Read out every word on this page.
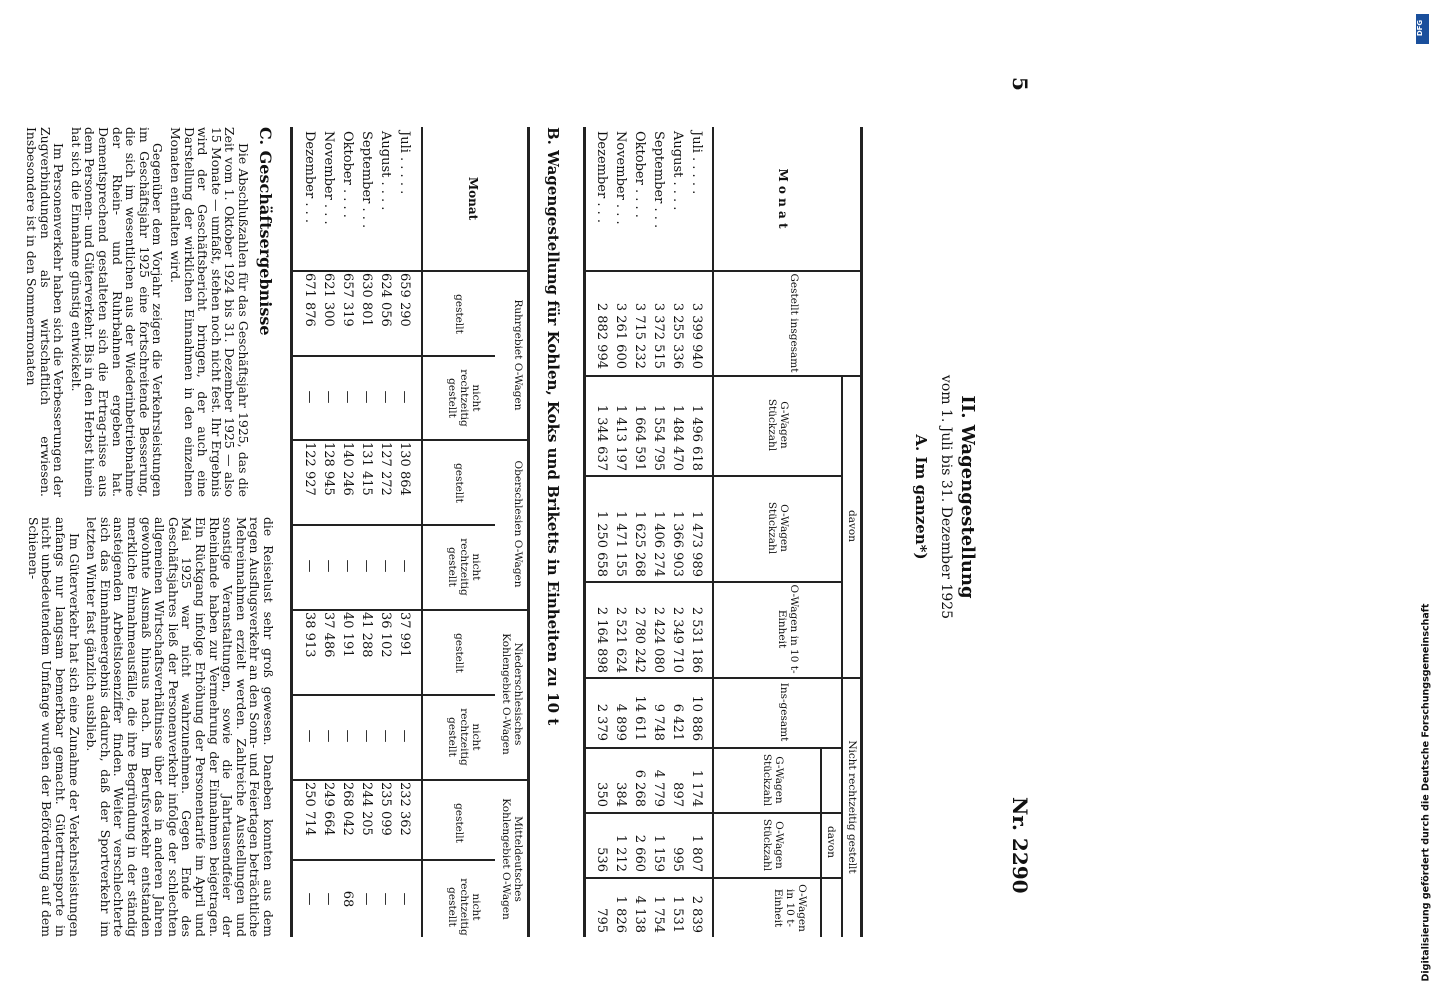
5
Nr. 2290
II. Wagengestellung
vom 1. Juli bis 31. Dezember 1925
A. Im ganzen*)
M o n a t
Gestellt insgesamt
davon
G-Wagen Stückzahl
O-Wagen Stückzahl
O-Wagen in 10 t-Einheit
Nicht rechtzeitig gestellt
Ins-gesamt
davon
G-Wagen Stückzahl
O-Wagen Stückzahl
O-Wagen in 10 t-Einheit
Juli . . . . .
3 399 940
1 496 618
1 473 989
2 531 186
10 886
1 174
1 807
2 839
August . . . .
3 255 336
1 484 470
1 366 903
2 349 710
6 421
897
995
1 531
September . . .
3 372 515
1 554 795
1 406 274
2 424 080
9 748
4 779
1 159
1 754
Oktober . . . .
3 715 232
1 664 591
1 625 268
2 780 242
14 611
6 268
2 660
4 138
November . . .
3 261 600
1 413 197
1 471 155
2 521 624
4 899
384
1 212
1 826
Dezember . . .
2 882 994
1 344 637
1 250 658
2 164 898
2 379
350
536
795
B. Wagengestellung für Kohlen, Koks und Briketts in Einheiten zu 10 t
Monat
Ruhrgebiet O-Wagen
Oberschlesien O-Wagen
Niederschlesisches Kohlengebiet O-Wagen
Mitteldeutsches Kohlengebiet O-Wagen
gestellt
nicht rechtzeitig gestellt
gestellt
nicht rechtzeitig gestellt
gestellt
nicht rechtzeitig gestellt
gestellt
nicht rechtzeitig gestellt
Juli . . . . .
659 290
—
130 864
—
37 991
—
232 362
—
August . . . .
624 056
—
127 272
—
36 102
—
235 099
—
September . . .
630 801
—
131 415
—
41 288
—
244 205
—
Oktober . . . .
657 319
—
140 246
—
40 191
—
268 042
68
November . . .
621 300
—
128 945
—
37 486
—
249 664
—
Dezember . . .
671 876
—
122 927
—
38 913
—
250 714
—
C. Geschäftsergebnisse

Die Abschlußzahlen für das Geschäftsjahr 1925, das die Zeit vom 1. Oktober 1924 bis 31. Dezember 1925 — also 15 Monate — umfaßt, stehen noch nicht fest. Ihr Ergebnis wird der Geschäftsbericht bringen, der auch eine Darstellung der wirklichen Einnahmen in den einzelnen Monaten enthalten wird.

Gegenüber dem Vorjahr zeigen die Verkehrsleistungen im Geschäftsjahr 1925 eine fortschreitende Besserung, die sich im wesentlichen aus der Wiederinbetriebnahme der Rhein- und Ruhrbahnen ergeben hat. Dementsprechend gestalteten sich die Ertrag-nisse aus dem Personen- und Güterverkehr. Bis in den Herbst hinein hat sich die Einnahme günstig entwickelt.

Im Personenverkehr haben sich die Verbesserungen der Zugverbindungen als wirtschaftlich erwiesen. Insbesondere ist in den Sommermonaten

die Reiselust sehr groß gewesen. Daneben konnten aus dem regen Ausflugsverkehr an den Sonn- und Feiertagen beträchtliche Mehreinnahmen erzielt werden. Zahlreiche Ausstellungen und sonstige Veranstaltungen, sowie die Jahrtausendfeier der Rheinlande haben zur Vermehrung der Einnahmen beigetragen. Ein Rückgang infolge Erhöhung der Personentarife im April und Mai 1925 war nicht wahrzunehmen. Gegen Ende des Geschäftsjahres ließ der Personenverkehr infolge der schlechten allgemeinen Wirtschaftsverhältnisse über das in anderen Jahren gewohnte Ausmaß hinaus nach. Im Berufsverkehr entstanden merkliche Einnahmeausfälle, die ihre Begründung in der ständig ansteigenden Arbeitslosenziffer finden. Weiter verschlechterte sich das Einnahmeergebnis dadurch, daß der Sportverkehr im letzten Winter fast gänzlich ausblieb.

Im Güterverkehr hat sich eine Zunahme der Verkehrsleistungen anfangs nur langsam bemerkbar gemacht. Gütertransporte in nicht unbedeutendem Umfange wurden der Beförderung auf dem Schienen-

DFG
Digitalisierung gefördert durch die Deutsche Forschungsgemeinschaft
